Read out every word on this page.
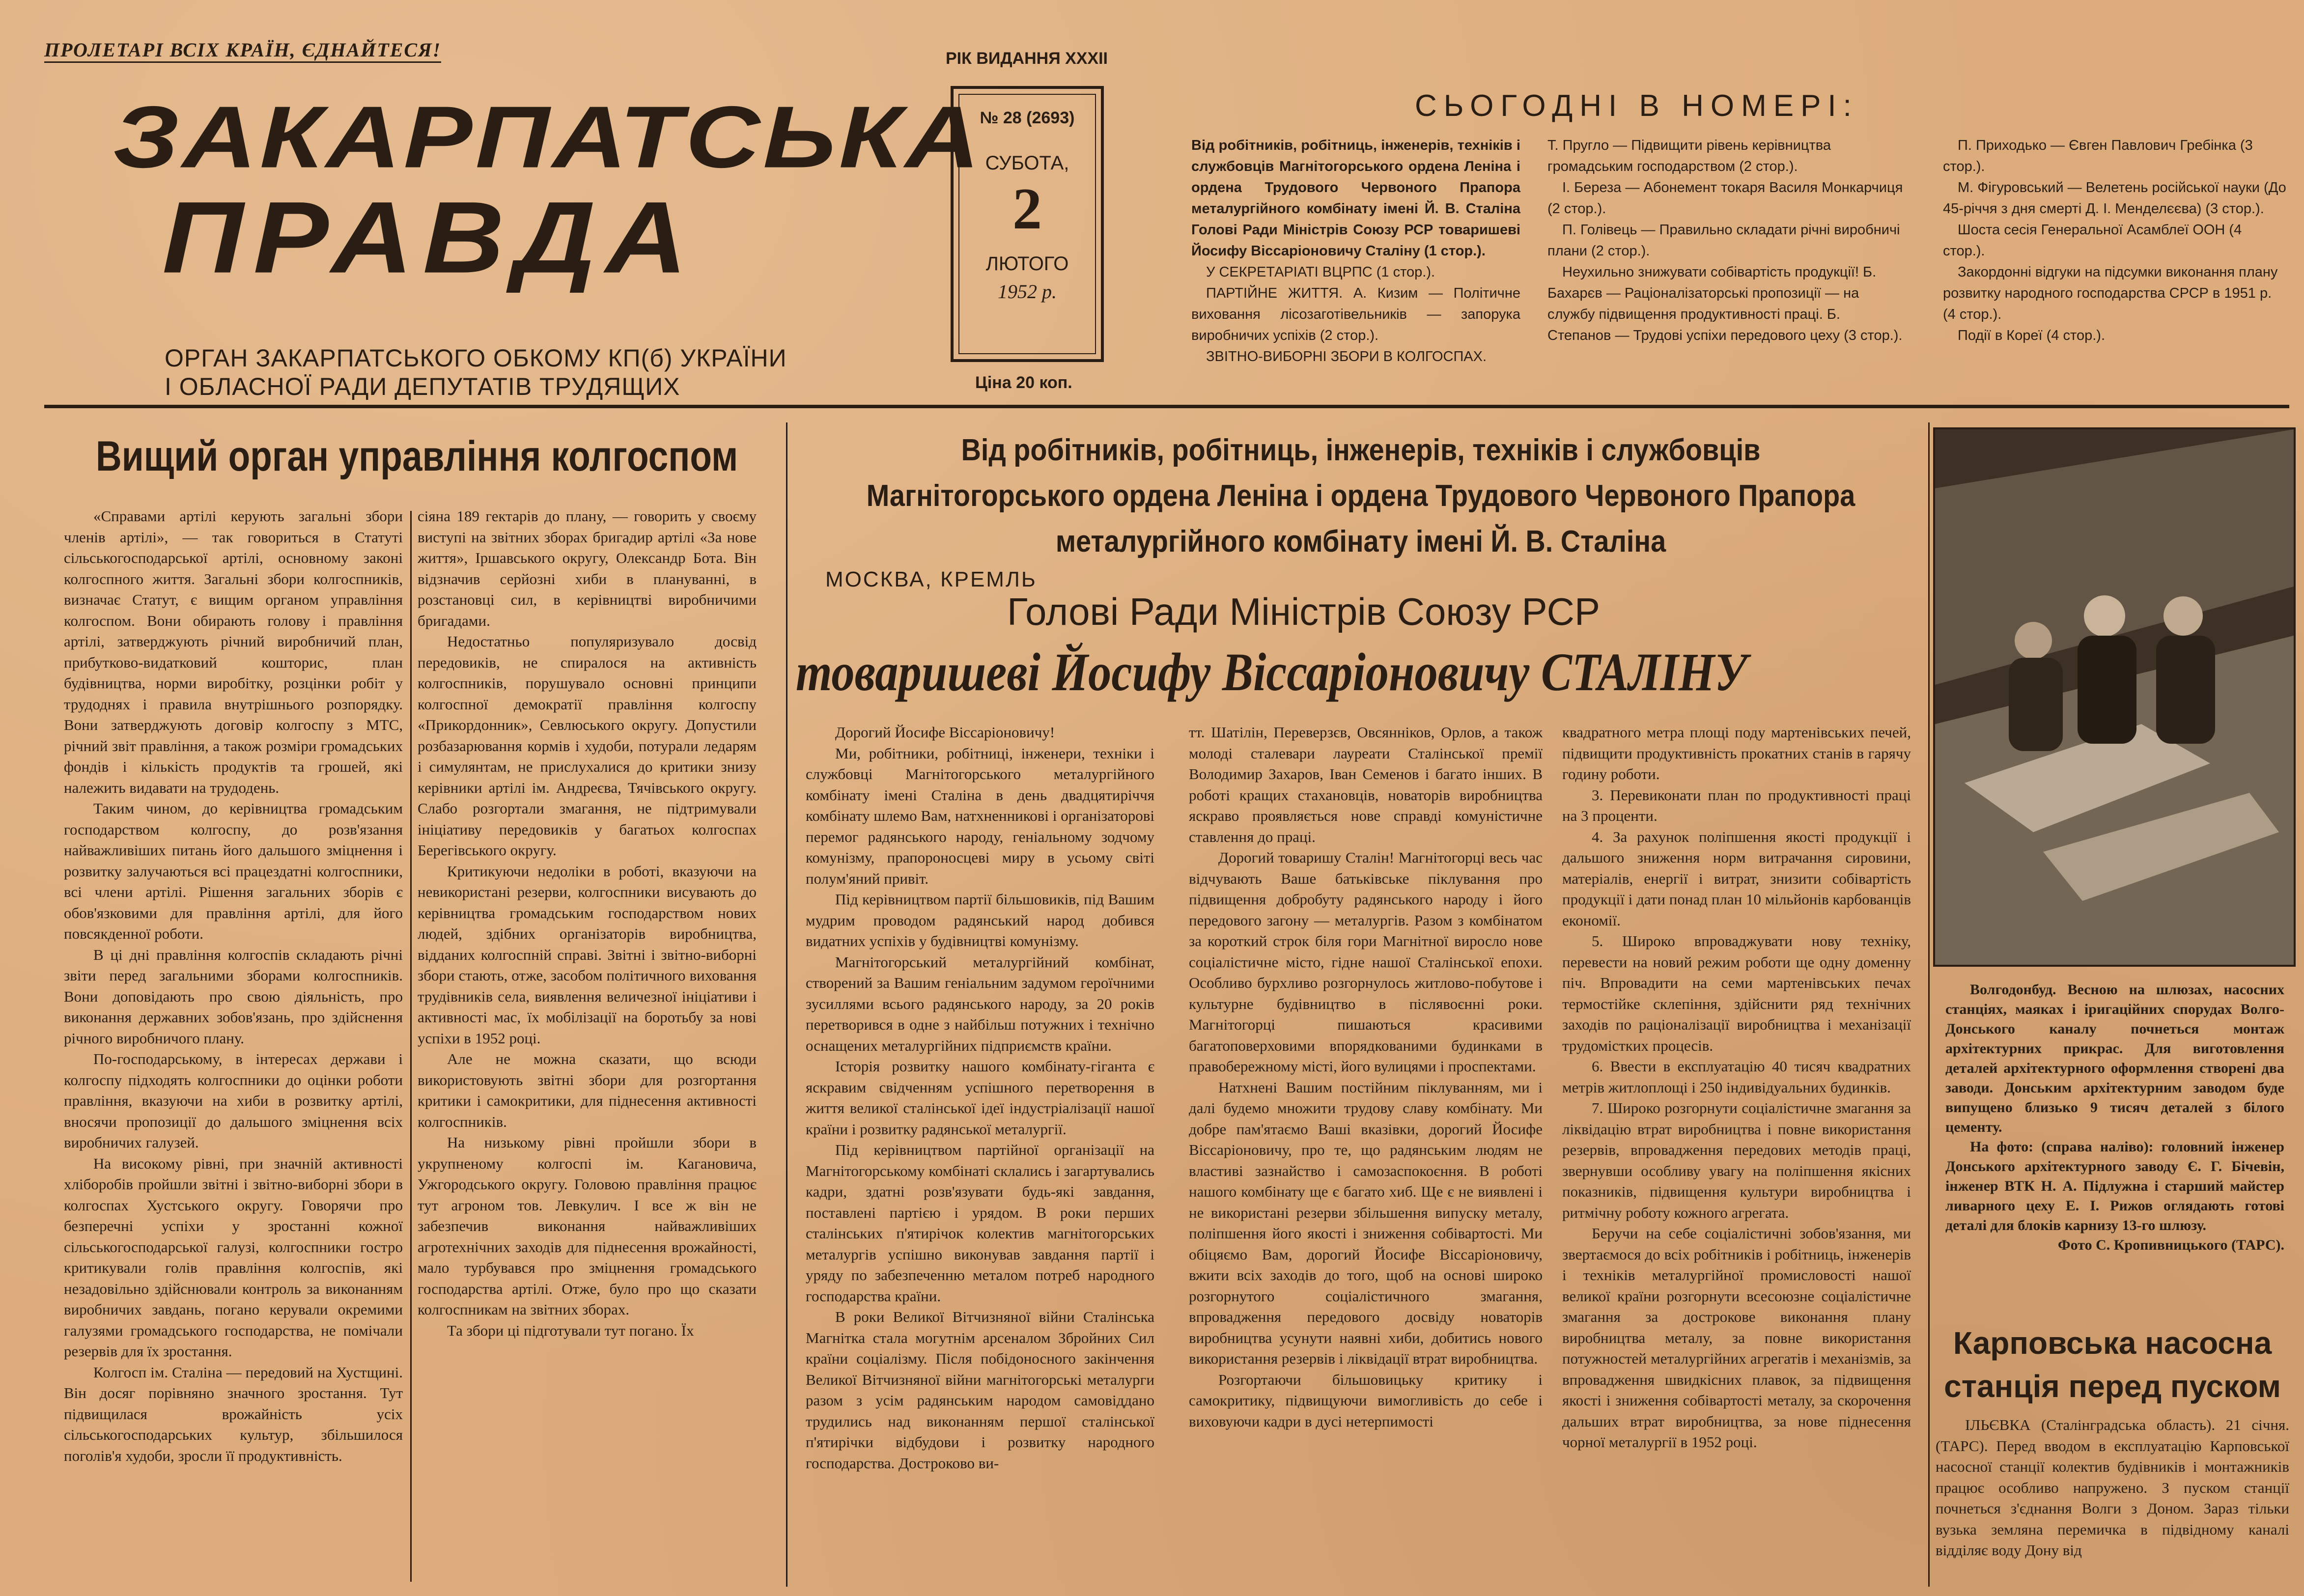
ПРОЛЕТАРІ ВСІХ КРАЇН, ЄДНАЙТЕСЯ!
ЗАКАРПАТСЬКА
ПРАВДА
ОРГАН ЗАКАРПАТСЬКОГО ОБКОМУ КП(б) УКРАЇНИ
І ОБЛАСНОЇ РАДИ ДЕПУТАТІВ ТРУДЯЩИХ
РІК ВИДАННЯ XXXII
№ 28 (2693)
СУБОТА,
2
ЛЮТОГО
1952 р.
Ціна 20 коп.
СЬОГОДНІ В НОМЕРІ:
Від робітників, робітниць, інженерів, техніків і службовців Магнітогорського ордена Леніна і ордена Трудового Червоного Прапора металургійного комбінату імені Й. В. Сталіна Голові Ради Міністрів Союзу РСР товаришеві Йосифу Віссаріоновичу Сталіну (1 стор.).
У СЕКРЕТАРІАТІ ВЦРПС (1 стор.).
ПАРТІЙНЕ ЖИТТЯ. А. Кизим — Політичне виховання лісозаготівельників — запорука виробничих успіхів (2 стор.).
ЗВІТНО-ВИБОРНІ ЗБОРИ В КОЛГОСПАХ.
Т. Пругло — Підвищити рівень керівництва громадським господарством (2 стор.).
І. Береза — Абонемент токаря Василя Монкарчиця (2 стор.).
П. Голівець — Правильно складати річні виробничі плани (2 стор.).
Неухильно знижувати собівартість продукції! Б. Бахарєв — Раціоналізаторські пропозиції — на службу підвищення продуктивності праці. Б. Степанов — Трудові успіхи передового цеху (3 стор.).
П. Приходько — Євген Павлович Гребінка (3 стор.).
М. Фігуровський — Велетень російської науки (До 45-річчя з дня смерті Д. І. Менделєєва) (3 стор.).
Шоста сесія Генеральної Асамблеї ООН (4 стор.).
Закордонні відгуки на підсумки виконання плану розвитку народного господарства СРСР в 1951 р. (4 стор.).
Події в Кореї (4 стор.).
Вищий орган управління колгоспом

«Справами артілі керують загальні збори членів артілі», — так говориться в Статуті сільськогосподарської артілі, основному законі колгоспного життя. Загальні збори колгоспників, визначає Статут, є вищим органом управління колгоспом. Вони обирають голову і правління артілі, затверджують річний виробничий план, прибутково-видатковий кошторис, план будівництва, норми виробітку, розцінки робіт у трудоднях і правила внутрішнього розпорядку. Вони затверджують договір колгоспу з МТС, річний звіт правління, а також розміри громадських фондів і кількість продуктів та грошей, які належить видавати на трудодень.

Таким чином, до керівництва громадським господарством колгоспу, до розв'язання найважливіших питань його дальшого зміцнення і розвитку залучаються всі працездатні колгоспники, всі члени артілі. Рішення загальних зборів є обов'язковими для правління артілі, для його повсякденної роботи.

В ці дні правління колгоспів складають річні звіти перед загальними зборами колгоспників. Вони доповідають про свою діяльність, про виконання державних зобов'язань, про здійснення річного виробничого плану.

По-господарському, в інтересах держави і колгоспу підходять колгоспники до оцінки роботи правління, вказуючи на хиби в розвитку артілі, вносячи пропозиції до дальшого зміцнення всіх виробничих галузей.

На високому рівні, при значній активності хліборобів пройшли звітні і звітно-виборні збори в колгоспах Хустського округу. Говорячи про безперечні успіхи у зростанні кожної сільськогосподарської галузі, колгоспники гостро критикували голів правління колгоспів, які незадовільно здійснювали контроль за виконанням виробничих завдань, погано керували окремими галузями громадського господарства, не помічали резервів для їх зростання.

Колгосп ім. Сталіна — передовий на Хустщині. Він досяг порівняно значного зростання. Тут підвищилася врожайність усіх сільськогосподарських культур, збільшилося поголів'я худоби, зросли її продуктивність.

сіяна 189 гектарів до плану, — говорить у своєму виступі на звітних зборах бригадир артілі «За нове життя», Іршавського округу, Олександр Бота. Він відзначив серйозні хиби в плануванні, в розстановці сил, в керівництві виробничими бригадами.

Недостатньо популяризувало досвід передовиків, не спиралося на активність колгоспників, порушувало основні принципи колгоспної демократії правління колгоспу «Прикордонник», Севлюського округу. Допустили розбазарювання кормів і худоби, потурали ледарям і симулянтам, не прислухалися до критики знизу керівники артілі ім. Андреєва, Тячівського округу. Слабо розгортали змагання, не підтримували ініціативу передовиків у багатьох колгоспах Берегівського округу.

Критикуючи недоліки в роботі, вказуючи на невикористані резерви, колгоспники висувають до керівництва громадським господарством нових людей, здібних організаторів виробництва, відданих колгоспній справі. Звітні і звітно-виборні збори стають, отже, засобом політичного виховання трудівників села, виявлення величезної ініціативи і активності мас, їх мобілізації на боротьбу за нові успіхи в 1952 році.

Але не можна сказати, що всюди використовують звітні збори для розгортання критики і самокритики, для піднесення активності колгоспників.

На низькому рівні пройшли збори в укрупненому колгоспі ім. Кагановича, Ужгородського округу. Головою правління працює тут агроном тов. Левкулич. І все ж він не забезпечив виконання найважливіших агротехнічних заходів для піднесення врожайності, мало турбувався про зміцнення громадського господарства артілі. Отже, було про що сказати колгоспникам на звітних зборах.

Та збори ці підготували тут погано. Їх

Від робітників, робітниць, інженерів, техніків і службовців Магнітогорського ордена Леніна і ордена Трудового Червоного Прапора металургійного комбінату імені Й. В. Сталіна
МОСКВА, КРЕМЛЬ
Голові Ради Міністрів Союзу РСР
товаришеві Йосифу Віссаріоновичу СТАЛІНУ

Дорогий Йосифе Віссаріоновичу!

Ми, робітники, робітниці, інженери, техніки і службовці Магнітогорського металургійного комбінату імені Сталіна в день двадцятиріччя комбінату шлемо Вам, натхненникові і організаторові перемог радянського народу, геніальному зодчому комунізму, прапороносцеві миру в усьому світі полум'яний привіт.

Під керівництвом партії більшовиків, під Вашим мудрим проводом радянський народ добився видатних успіхів у будівництві комунізму.

Магнітогорський металургійний комбінат, створений за Вашим геніальним задумом героїчними зусиллями всього радянського народу, за 20 років перетворився в одне з найбільш потужних і технічно оснащених металургійних підприємств країни.

Історія розвитку нашого комбінату-гіганта є яскравим свідченням успішного перетворення в життя великої сталінської ідеї індустріалізації нашої країни і розвитку радянської металургії.

Під керівництвом партійної організації на Магнітогорському комбінаті склались і загартувались кадри, здатні розв'язувати будь-які завдання, поставлені партією і урядом. В роки перших сталінських п'ятирічок колектив магнітогорських металургів успішно виконував завдання партії і уряду по забезпеченню металом потреб народного господарства країни.

В роки Великої Вітчизняної війни Сталінська Магнітка стала могутнім арсеналом Збройних Сил країни соціалізму. Після побідоносного закінчення Великої Вітчизняної війни магнітогорські металурги разом з усім радянським народом самовіддано трудились над виконанням першої сталінської п'ятирічки відбудови і розвитку народного господарства. Достроково ви-

тт. Шатілін, Переверзєв, Овсянніков, Орлов, а також молоді сталевари лауреати Сталінської премії Володимир Захаров, Іван Семенов і багато інших. В роботі кращих стахановців, новаторів виробництва яскраво проявляється нове справді комуністичне ставлення до праці.

Дорогий товаришу Сталін! Магнітогорці весь час відчувають Ваше батьківське піклування про підвищення добробуту радянського народу і його передового загону — металургів. Разом з комбінатом за короткий строк біля гори Магнітної виросло нове соціалістичне місто, гідне нашої Сталінської епохи. Особливо бурхливо розгорнулось житлово-побутове і культурне будівництво в післявоєнні роки. Магнітогорці пишаються красивими багатоповерховими впорядкованими будинками в правобережному місті, його вулицями і проспектами.

Натхнені Вашим постійним піклуванням, ми і далі будемо множити трудову славу комбінату. Ми добре пам'ятаємо Ваші вказівки, дорогий Йосифе Віссаріоновичу, про те, що радянським людям не властиві зазнайство і самозаспокоєння. В роботі нашого комбінату ще є багато хиб. Ще є не виявлені і не використані резерви збільшення випуску металу, поліпшення його якості і зниження собівартості. Ми обіцяємо Вам, дорогий Йосифе Віссаріоновичу, вжити всіх заходів до того, щоб на основі широко розгорнутого соціалістичного змагання, впровадження передового досвіду новаторів виробництва усунути наявні хиби, добитись нового використання резервів і ліквідації втрат виробництва.

Розгортаючи більшовицьку критику і самокритику, підвищуючи вимогливість до себе і виховуючи кадри в дусі нетерпимості

квадратного метра площі поду мартенівських печей, підвищити продуктивність прокатних станів в гарячу годину роботи.

3. Перевиконати план по продуктивності праці на 3 проценти.

4. За рахунок поліпшення якості продукції і дальшого зниження норм витрачання сировини, матеріалів, енергії і витрат, знизити собівартість продукції і дати понад план 10 мільйонів карбованців економії.

5. Широко впроваджувати нову техніку, перевести на новий режим роботи ще одну доменну піч. Впровадити на семи мартенівських печах термостійке склепіння, здійснити ряд технічних заходів по раціоналізації виробництва і механізації трудомістких процесів.

6. Ввести в експлуатацію 40 тисяч квадратних метрів житлоплощі і 250 індивідуальних будинків.

7. Широко розгорнути соціалістичне змагання за ліквідацію втрат виробництва і повне використання резервів, впровадження передових методів праці, звернувши особливу увагу на поліпшення якісних показників, підвищення культури виробництва і ритмічну роботу кожного агрегата.

Беручи на себе соціалістичні зобов'язання, ми звертаємося до всіх робітників і робітниць, інженерів і техніків металургійної промисловості нашої великої країни розгорнути всесоюзне соціалістичне змагання за дострокове виконання плану виробництва металу, за повне використання потужностей металургійних агрегатів і механізмів, за впровадження швидкісних плавок, за підвищення якості і зниження собівартості металу, за скорочення дальших втрат виробництва, за нове піднесення чорної металургії в 1952 році.

Волгодонбуд. Весною на шлюзах, насосних станціях, маяках і іригаційних спорудах Волго-Донського каналу почнеться монтаж архітектурних прикрас. Для виготовлення деталей архітектурного оформлення створені два заводи. Донським архітектурним заводом буде випущено близько 9 тисяч деталей з білого цементу.
На фото: (справа наліво): головний інженер Донського архітектурного заводу Є. Г. Бічевін, інженер ВТК Н. А. Підлужна і старший майстер ливарного цеху Е. І. Рижов оглядають готові деталі для блоків карнизу 13-го шлюзу.
Фото С. Кропивницького (ТАРС).
Карповська насосна
станція перед пуском

ІЛЬЄВКА (Сталінградська область). 21 січня. (ТАРС). Перед вводом в експлуатацію Карповської насосної станції колектив будівників і монтажників працює особливо напружено. З пуском станції почнеться з'єднання Волги з Доном. Зараз тільки вузька земляна перемичка в підвідному каналі відділяє воду Дону від
